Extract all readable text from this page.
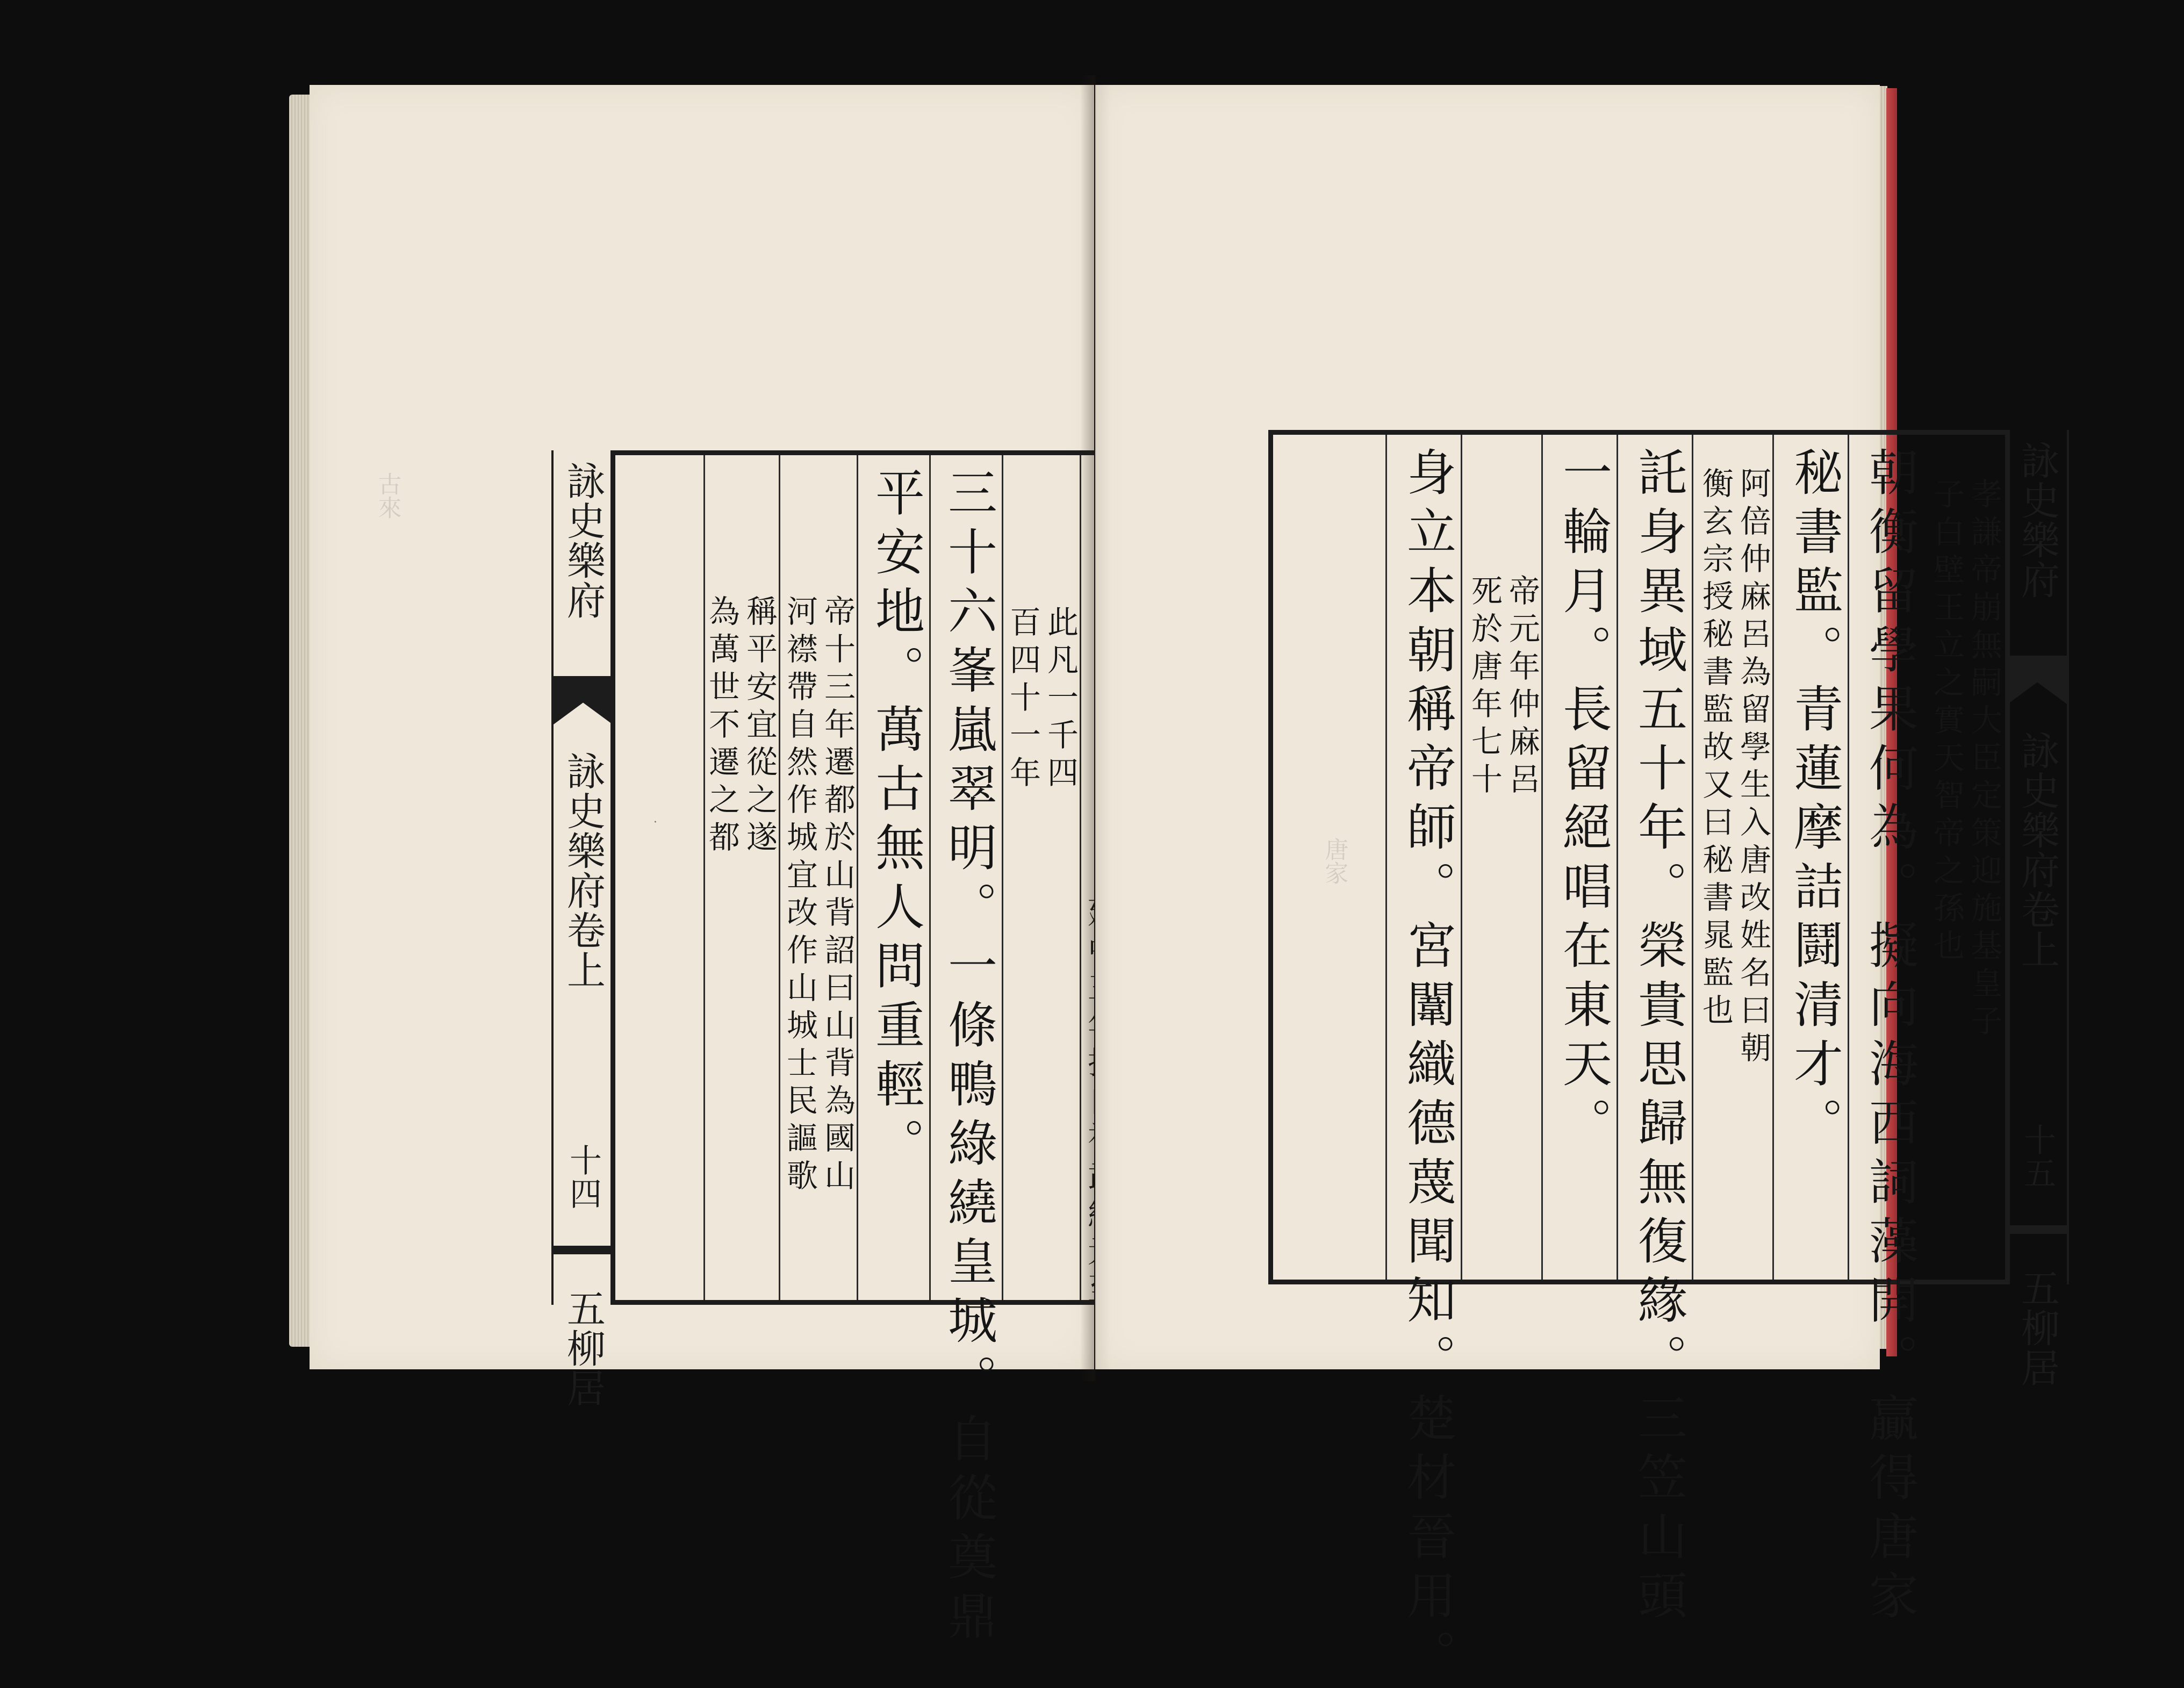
古來
·
此凡一千四
百四十一年
三十六峯嵐翠明。一條鴨綠繞皇城。自從奠鼎
平安地。萬古無人問重輕。
帝十三年遷都於山背詔曰山背為國山
河襟帶自然作城宜改作山城士民謳歌
稱平安宜從之遂
為萬世不遷之都
詠史樂府
詠史樂府卷上
十四
五柳居
唐家	孝謙帝崩無嗣大臣定策迎施基皇子
子白壁王立之實天智帝之孫也
朝衡留學果何為。擬向海西詞藻開。贏得唐家
秘書監。青蓮摩詰鬪清才。
阿倍仲麻呂為留學生入唐改姓名曰朝
衡玄宗授秘書監故又曰秘書晁監也
託身異域五十年。榮貴思歸無復緣。三笠山頭
一輪月。長留絕唱在東天。
帝元年仲麻呂
死於唐年七十
身立本朝稱帝師。宮闈織德蔑聞知。楚材晉用。	詠史樂府
詠史樂府卷上
十五
五柳居
